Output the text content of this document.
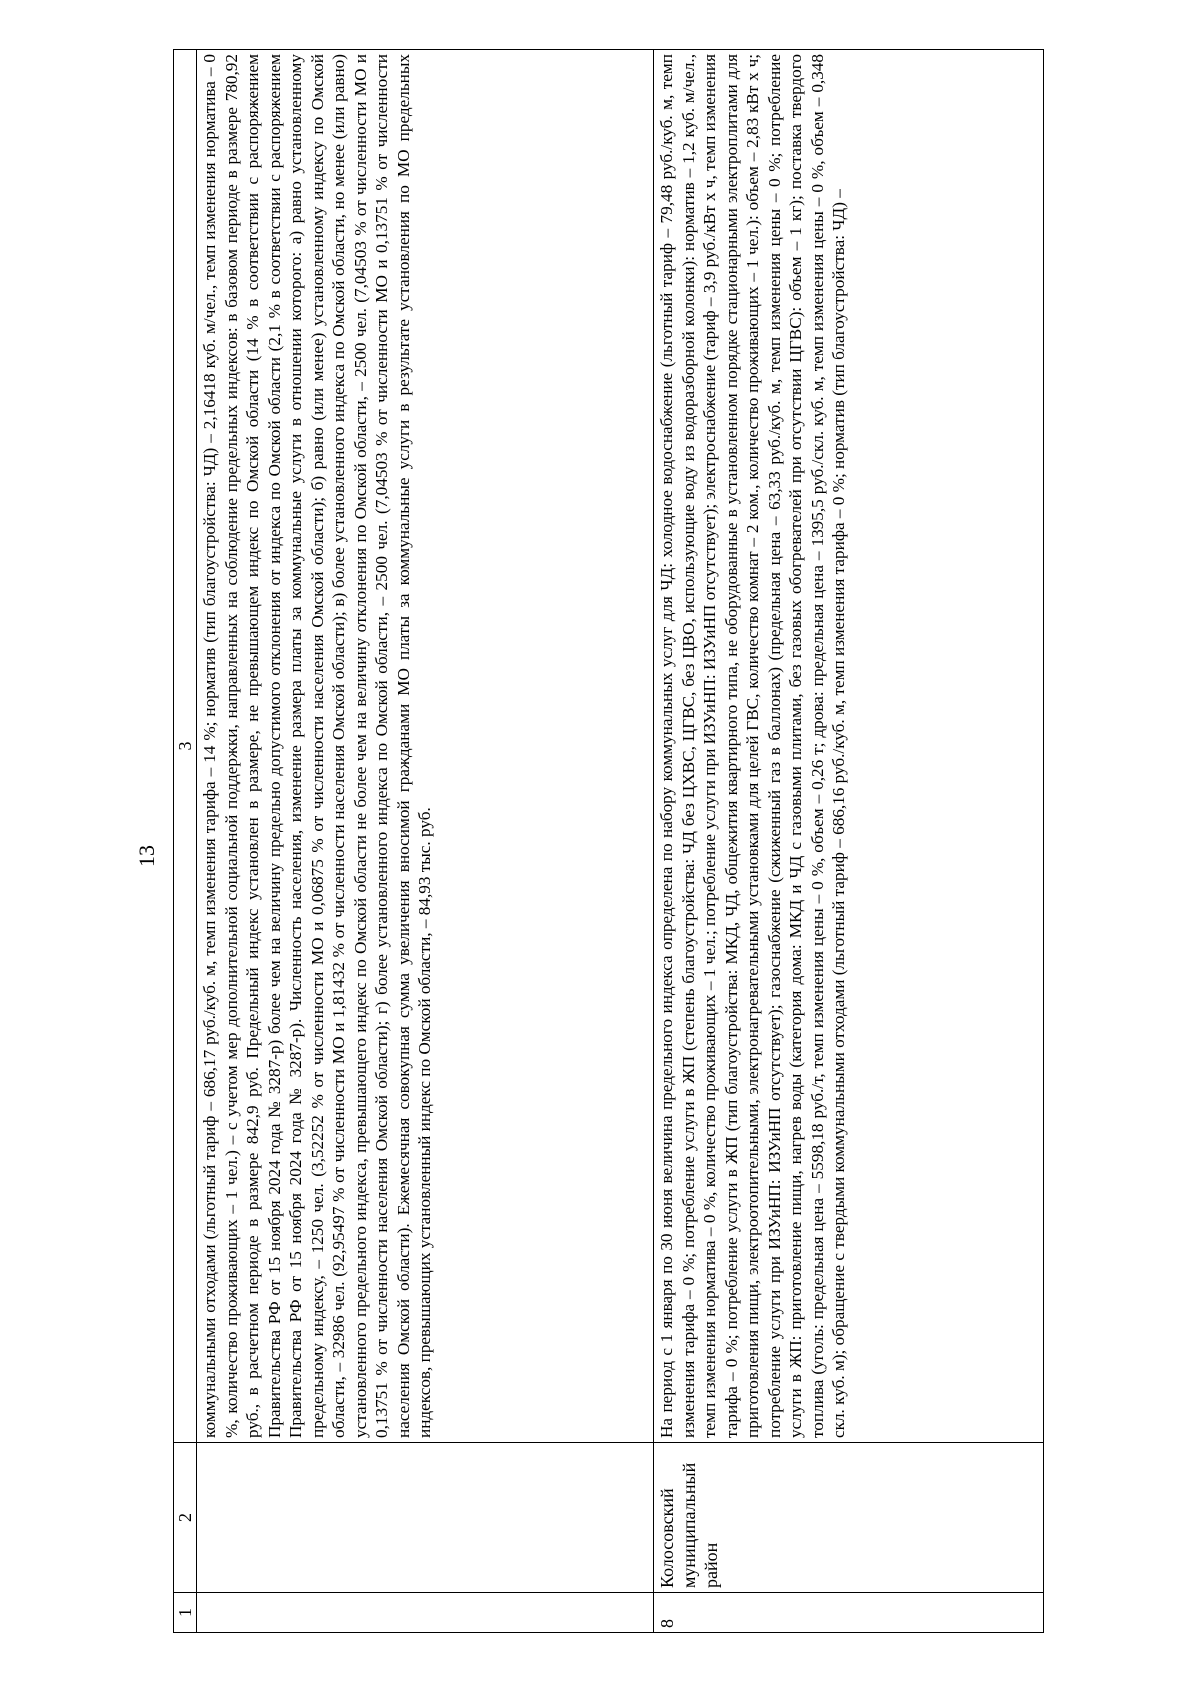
13
1	2	3
		коммунальными отходами (льготный тариф – 686,17 руб./куб. м, темп изменения тарифа – 14 %; норматив (тип благоустройства: ЧД) – 2,16418 куб. м/чел., темп изменения норматива – 0 %, количество проживающих – 1 чел.) – с учетом мер дополнительной социальной поддержки, направленных на соблюдение предельных индексов: в базовом периоде в размере 780,92 руб., в расчетном периоде в размере 842,9 руб. Предельный индекс установлен в размере, не превышающем индекс по Омской области (14 % в соответствии с распоряжением Правительства РФ от 15 ноября 2024 года № 3287-р) более чем на величину предельно допустимого отклонения от индекса по Омской области (2,1 % в соответствии с распоряжением Правительства РФ от 15 ноября 2024 года № 3287-р). Численность населения, изменение размера платы за коммунальные услуги в отношении которого: а) равно установленному предельному индексу, – 1250 чел. (3,52252 % от численности МО и 0,06875 % от численности населения Омской области); б) равно (или менее) установленному индексу по Омской области, – 32986 чел. (92,95497 % от численности МО и 1,81432 % от численности населения Омской области); в) более установленного индекса по Омской области, но менее (или равно) установленного предельного индекса, превышающего индекс по Омской области не более чем на величину отклонения по Омской области, – 2500 чел. (7,04503 % от численности МО и 0,13751 % от численности населения Омской области); г) более установленного индекса по Омской области, – 2500 чел. (7,04503 % от численности МО и 0,13751 % от численности населения Омской области). Ежемесячная совокупная сумма увеличения вносимой гражданами МО платы за коммунальные услуги в результате установления по МО предельных индексов, превышающих установленный индекс по Омской области, – 84,93 тыс. руб.
8	Колосовский муниципальный район	На период с 1 января по 30 июня величина предельного индекса определена по набору коммунальных услуг для ЧД: холодное водоснабжение (льготный тариф – 79,48 руб./куб. м, темп изменения тарифа – 0 %; потребление услуги в ЖП (степень благоустройства: ЧД без ЦХВС, ЦГВС, без ЦВО, использующие воду из водоразборной колонки): норматив – 1,2 куб. м/чел., темп изменения норматива – 0 %, количество проживающих – 1 чел.; потребление услуги при ИЗУиНП: ИЗУиНП отсутствует); электроснабжение (тариф – 3,9 руб./кВт х ч, темп изменения тарифа – 0 %; потребление услуги в ЖП (тип благоустройства: МКД, ЧД, общежития квартирного типа, не оборудованные в установленном порядке стационарными электроплитами для приготовления пищи, электроотопительными, электронагревательными установками для целей ГВС, количество комнат – 2 ком., количество проживающих – 1 чел.): объем – 2,83 кВт х ч; потребление услуги при ИЗУиНП: ИЗУиНП отсутствует); газоснабжение (сжиженный газ в баллонах) (предельная цена – 63,33 руб./куб. м, темп изменения цены – 0 %; потребление услуги в ЖП: приготовление пищи, нагрев воды (категория дома: МКД и ЧД с газовыми плитами, без газовых обогревателей при отсутствии ЦГВС): объем – 1 кг); поставка твердого топлива (уголь: предельная цена – 5598,18 руб./т, темп изменения цены – 0 %, объем – 0,26 т; дрова: предельная цена – 1395,5 руб./скл. куб. м, темп изменения цены – 0 %, объем – 0,348 скл. куб. м); обращение с твердыми коммунальными отходами (льготный тариф – 686,16 руб./куб. м, темп изменения тарифа – 0 %; норматив (тип благоустройства: ЧД) –
